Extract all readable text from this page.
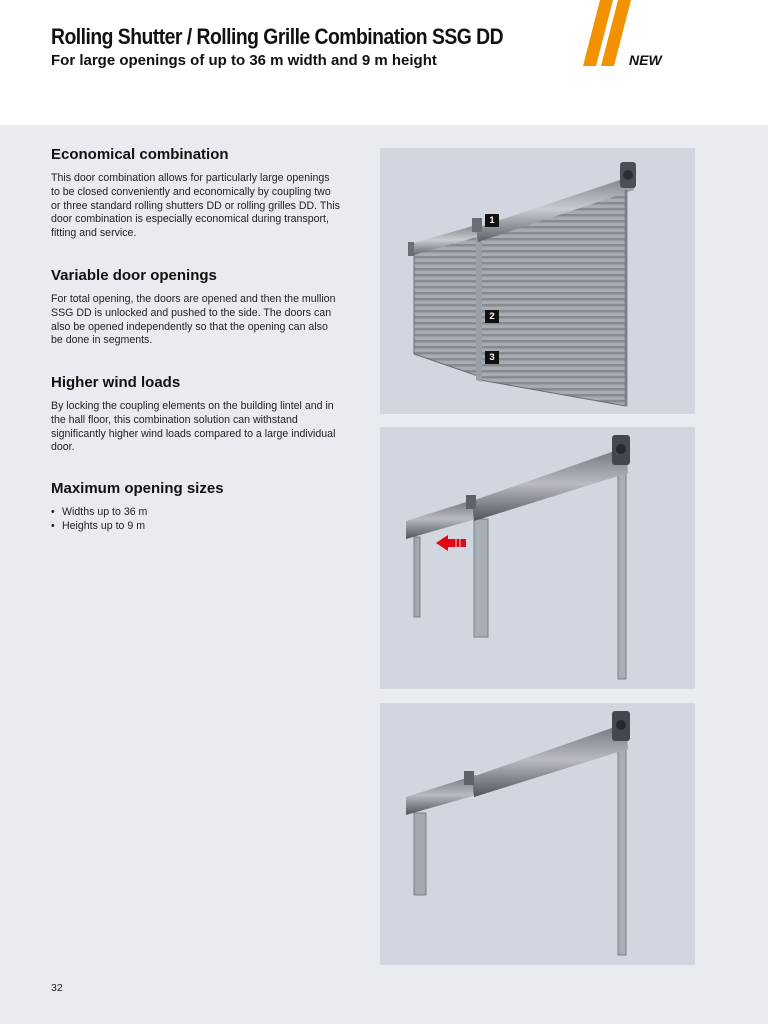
Rolling Shutter / Rolling Grille Combination SSG DD
For large openings of up to 36 m width and 9 m height	NEW
Economical combination

This door combination allows for particularly large openings to be closed conveniently and economically by coupling two or three standard rolling shutters DD or rolling grilles DD. This door combination is especially economical during transport, fitting and service.

Variable door openings

For total opening, the doors are opened and then the mullion SSG DD is unlocked and pushed to the side. The doors can also be opened independently so that the opening can also be done in segments.

Higher wind loads

By locking the coupling elements on the building lintel and in the hall floor, this combination solution can withstand significantly higher wind loads compared to a large individual door.

Maximum opening sizes
• Widths up to 36 m
• Heights up to 9 m
1
2
3
32
